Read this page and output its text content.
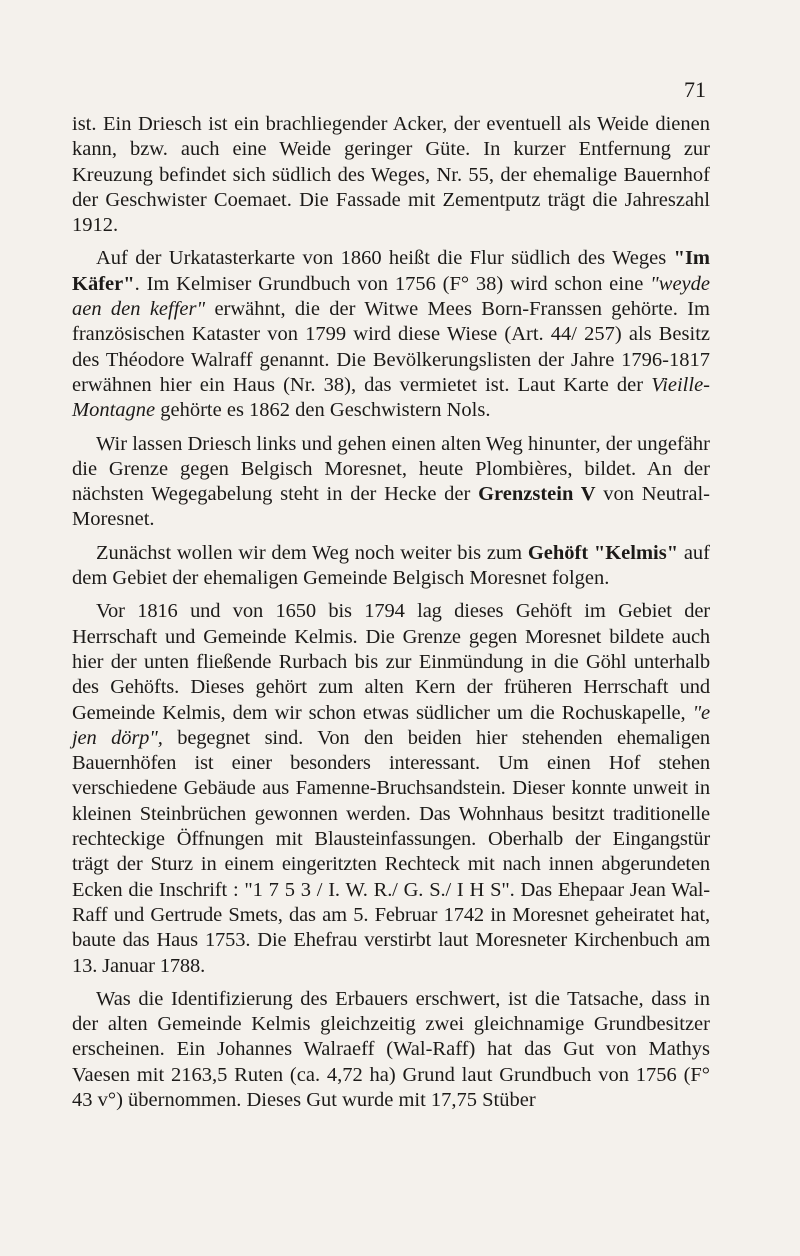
71

ist. Ein Driesch ist ein brachliegender Acker, der eventuell als Weide dienen kann, bzw. auch eine Weide geringer Güte. In kurzer Entfernung zur Kreuzung befindet sich südlich des Weges, Nr. 55, der ehemalige Bauernhof der Geschwister Coemaet. Die Fassade mit Zementputz trägt die Jahreszahl 1912.

Auf der Urkatasterkarte von 1860 heißt die Flur südlich des Weges "Im Käfer". Im Kelmiser Grundbuch von 1756 (F° 38) wird schon eine "weyde aen den keffer" erwähnt, die der Witwe Mees Born-Franssen gehörte. Im französischen Kataster von 1799 wird diese Wiese (Art. 44/ 257) als Besitz des Théodore Walraff genannt. Die Bevölkerungslisten der Jahre 1796-1817 erwähnen hier ein Haus (Nr. 38), das vermietet ist. Laut Karte der Vieille-Montagne gehörte es 1862 den Geschwistern Nols.

Wir lassen Driesch links und gehen einen alten Weg hinunter, der ungefähr die Grenze gegen Belgisch Moresnet, heute Plombières, bildet. An der nächsten Wegegabelung steht in der Hecke der Grenzstein V von Neutral-Moresnet.

Zunächst wollen wir dem Weg noch weiter bis zum Gehöft "Kelmis" auf dem Gebiet der ehemaligen Gemeinde Belgisch Moresnet folgen.

Vor 1816 und von 1650 bis 1794 lag dieses Gehöft im Gebiet der Herrschaft und Gemeinde Kelmis. Die Grenze gegen Moresnet bildete auch hier der unten fließende Rurbach bis zur Einmündung in die Göhl unterhalb des Gehöfts. Dieses gehört zum alten Kern der früheren Herrschaft und Gemeinde Kelmis, dem wir schon etwas südlicher um die Rochuskapelle, "e jen dörp", begegnet sind. Von den beiden hier stehenden ehemaligen Bauernhöfen ist einer besonders interessant. Um einen Hof stehen verschiedene Gebäude aus Famenne-Bruchsandstein. Dieser konnte unweit in kleinen Steinbrüchen gewonnen werden. Das Wohnhaus besitzt traditionelle rechteckige Öffnungen mit Blausteinfassungen. Oberhalb der Eingangstür trägt der Sturz in einem eingeritzten Rechteck mit nach innen abgerundeten Ecken die Inschrift : "1 7 5 3 / I. W. R./ G. S./ I H S". Das Ehepaar Jean Wal-Raff und Gertrude Smets, das am 5. Februar 1742 in Moresnet geheiratet hat, baute das Haus 1753. Die Ehefrau verstirbt laut Moresneter Kirchenbuch am 13. Januar 1788.

Was die Identifizierung des Erbauers erschwert, ist die Tatsache, dass in der alten Gemeinde Kelmis gleichzeitig zwei gleichnamige Grundbesitzer erscheinen. Ein Johannes Walraeff (Wal-Raff) hat das Gut von Mathys Vaesen mit 2163,5 Ruten (ca. 4,72 ha) Grund laut Grundbuch von 1756 (F° 43 v°) übernommen. Dieses Gut wurde mit 17,75 Stüber
